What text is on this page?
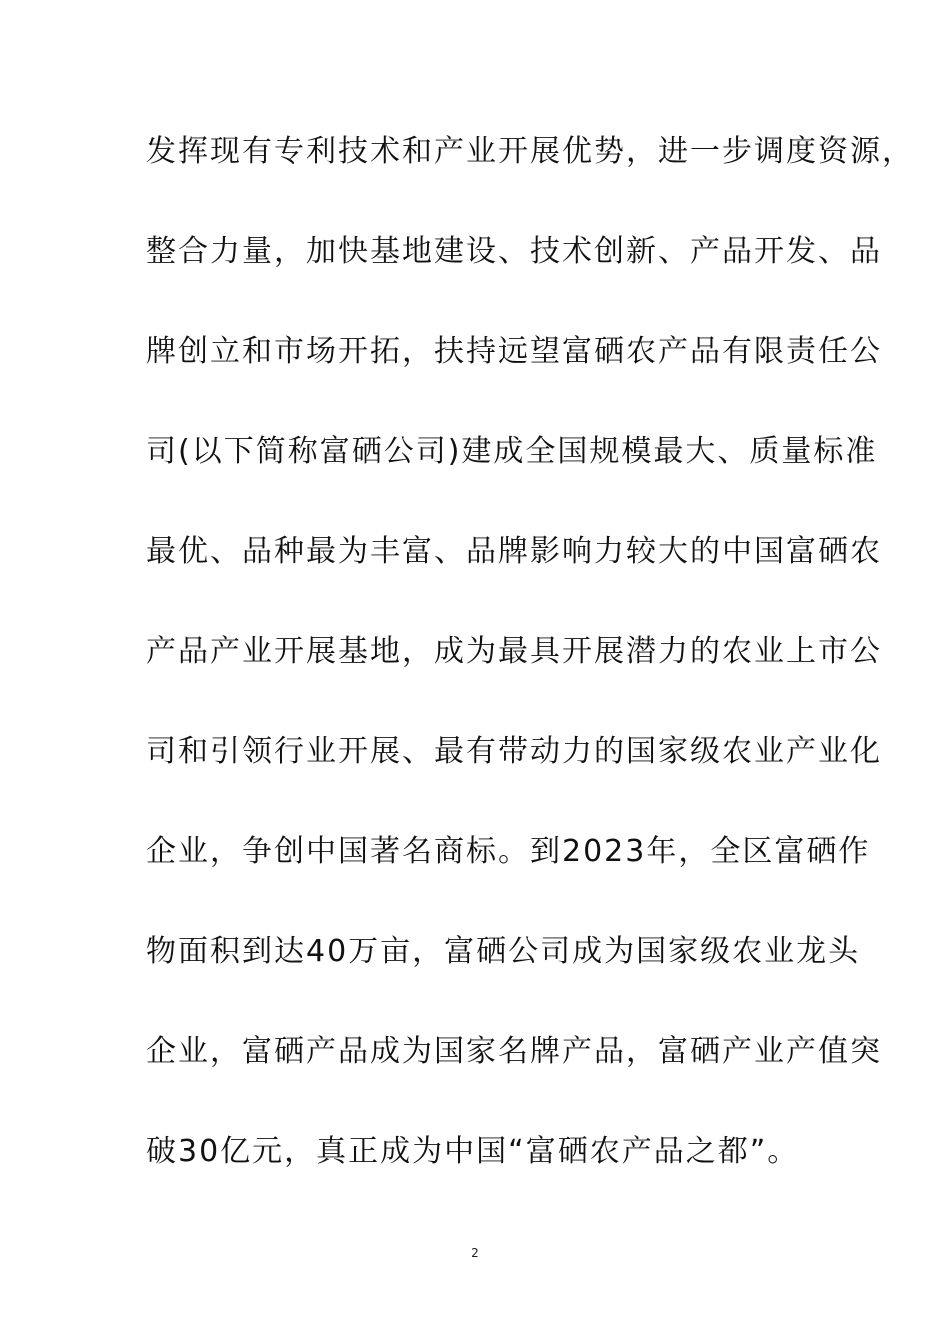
发挥现有专利技术和产业开展优势，进一步调度资源，
整合力量，加快基地建设、技术创新、产品开发、品
牌创立和市场开拓，扶持远望富硒农产品有限责任公
司(以下简称富硒公司)建成全国规模最大、质量标准
最优、品种最为丰富、品牌影响力较大的中国富硒农
产品产业开展基地，成为最具开展潜力的农业上市公
司和引领行业开展、最有带动力的国家级农业产业化
企业，争创中国著名商标。到2023年，全区富硒作
物面积到达40万亩，富硒公司成为国家级农业龙头
企业，富硒产品成为国家名牌产品，富硒产业产值突
破30亿元，真正成为中国“富硒农产品之都”。
2
